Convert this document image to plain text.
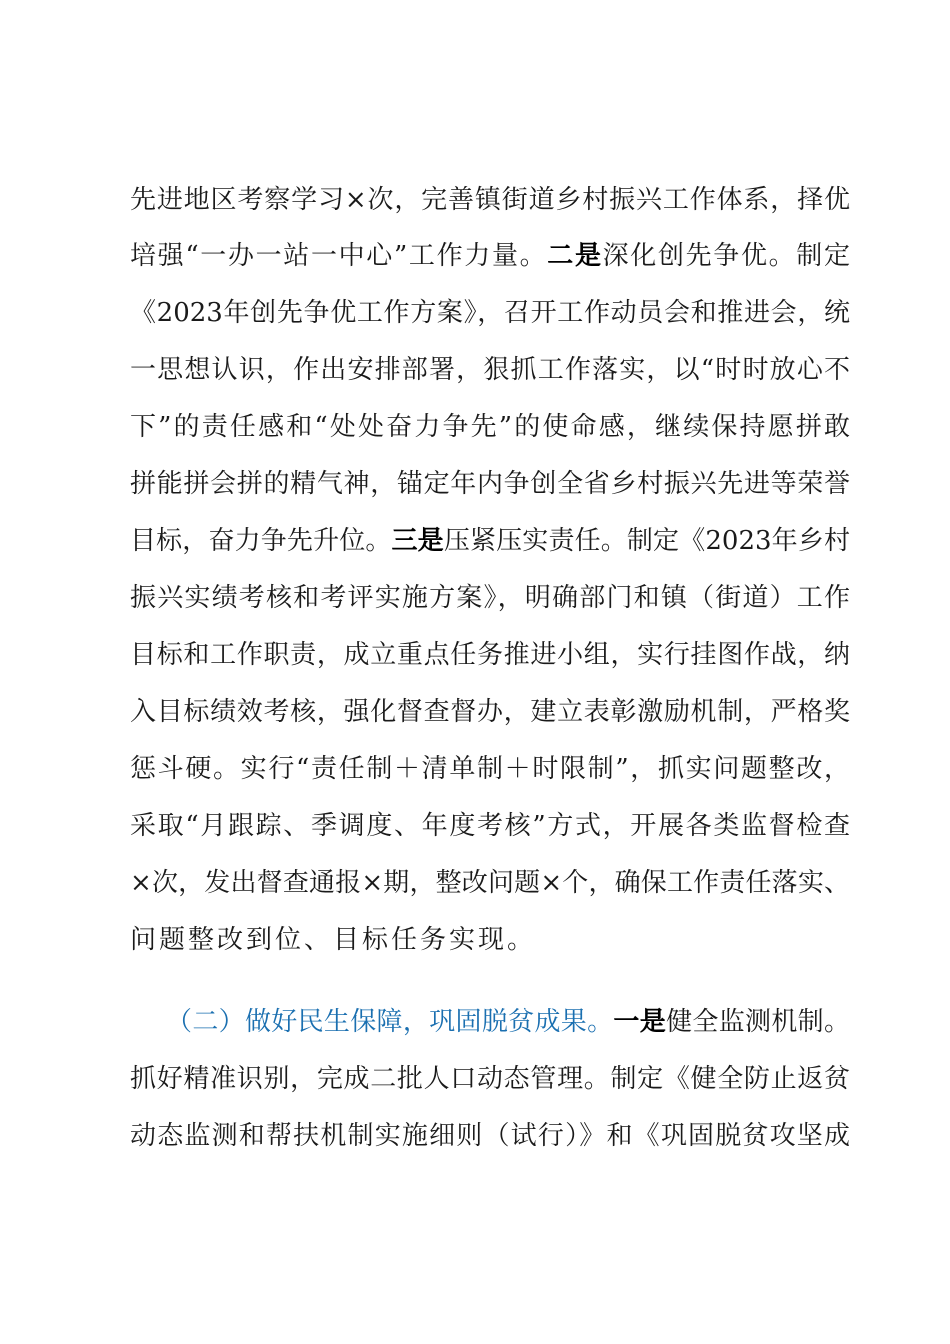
先进地区考察学习×次，完善镇街道乡村振兴工作体系，择优
培强“一办一站一中心”工作力量。二是深化创先争优。制定
《2023年创先争优工作方案》，召开工作动员会和推进会，统
一思想认识，作出安排部署，狠抓工作落实，以“时时放心不
下”的责任感和“处处奋力争先”的使命感，继续保持愿拼敢
拼能拼会拼的精气神，锚定年内争创全省乡村振兴先进等荣誉
目标，奋力争先升位。三是压紧压实责任。制定《2023年乡村
振兴实绩考核和考评实施方案》，明确部门和镇（街道）工作
目标和工作职责，成立重点任务推进小组，实行挂图作战，纳
入目标绩效考核，强化督查督办，建立表彰激励机制，严格奖
惩斗硬。实行“责任制＋清单制＋时限制”，抓实问题整改，
采取“月跟踪、季调度、年度考核”方式，开展各类监督检查
×次，发出督查通报×期，整改问题×个，确保工作责任落实、
问题整改到位、目标任务实现。
（二）做好民生保障，巩固脱贫成果。一是健全监测机制。
抓好精准识别，完成二批人口动态管理。制定《健全防止返贫
动态监测和帮扶机制实施细则（试行）》和《巩固脱贫攻坚成
